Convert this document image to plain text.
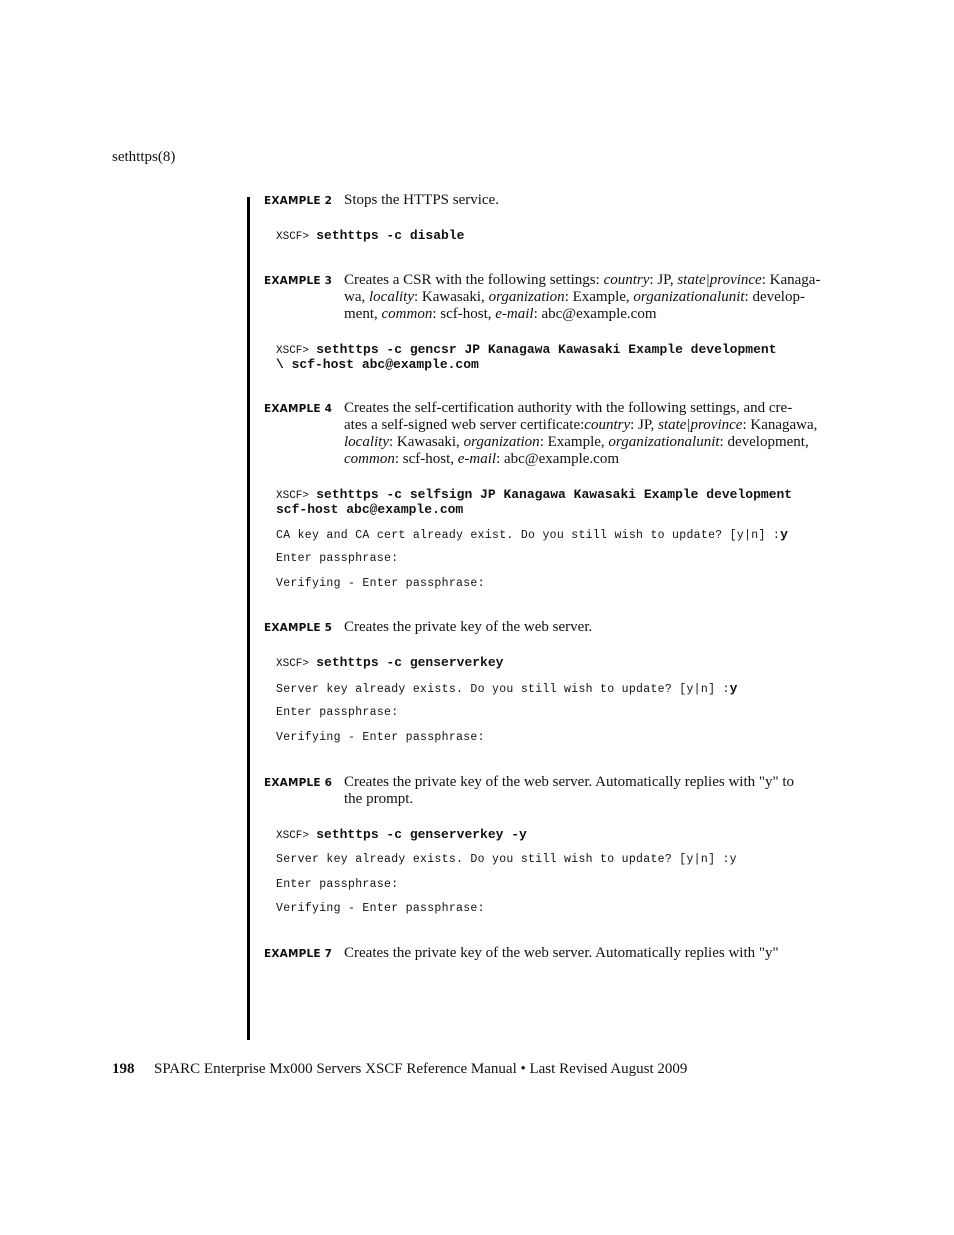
sethttps(8)
EXAMPLE 2 Stops the HTTPS service.
XSCF> sethttps -c disable
EXAMPLE 3 Creates a CSR with the following settings: country: JP, state|province: Kanaga-
wa, locality: Kawasaki, organization: Example, organizationalunit: develop-
ment, common: scf-host, e-mail: abc@example.com
XSCF> sethttps -c gencsr JP Kanagawa Kawasaki Example development
\ scf-host abc@example.com
EXAMPLE 4 Creates the self-certification authority with the following settings, and cre-
ates a self-signed web server certificate:country: JP, state|province: Kanagawa,
locality: Kawasaki, organization: Example, organizationalunit: development,
common: scf-host, e-mail: abc@example.com
XSCF> sethttps -c selfsign JP Kanagawa Kawasaki Example development
scf-host abc@example.com
CA key and CA cert already exist. Do you still wish to update? [y|n] :y
Enter passphrase:
Verifying - Enter passphrase:
EXAMPLE 5 Creates the private key of the web server.
XSCF> sethttps -c genserverkey
Server key already exists. Do you still wish to update? [y|n] :y
Enter passphrase:
Verifying - Enter passphrase:
EXAMPLE 6 Creates the private key of the web server. Automatically replies with "y" to
the prompt.
XSCF> sethttps -c genserverkey -y
Server key already exists. Do you still wish to update? [y|n] :y
Enter passphrase:
Verifying - Enter passphrase:
EXAMPLE 7 Creates the private key of the web server. Automatically replies with "y"
198 SPARC Enterprise Mx000 Servers XSCF Reference Manual • Last Revised August 2009
